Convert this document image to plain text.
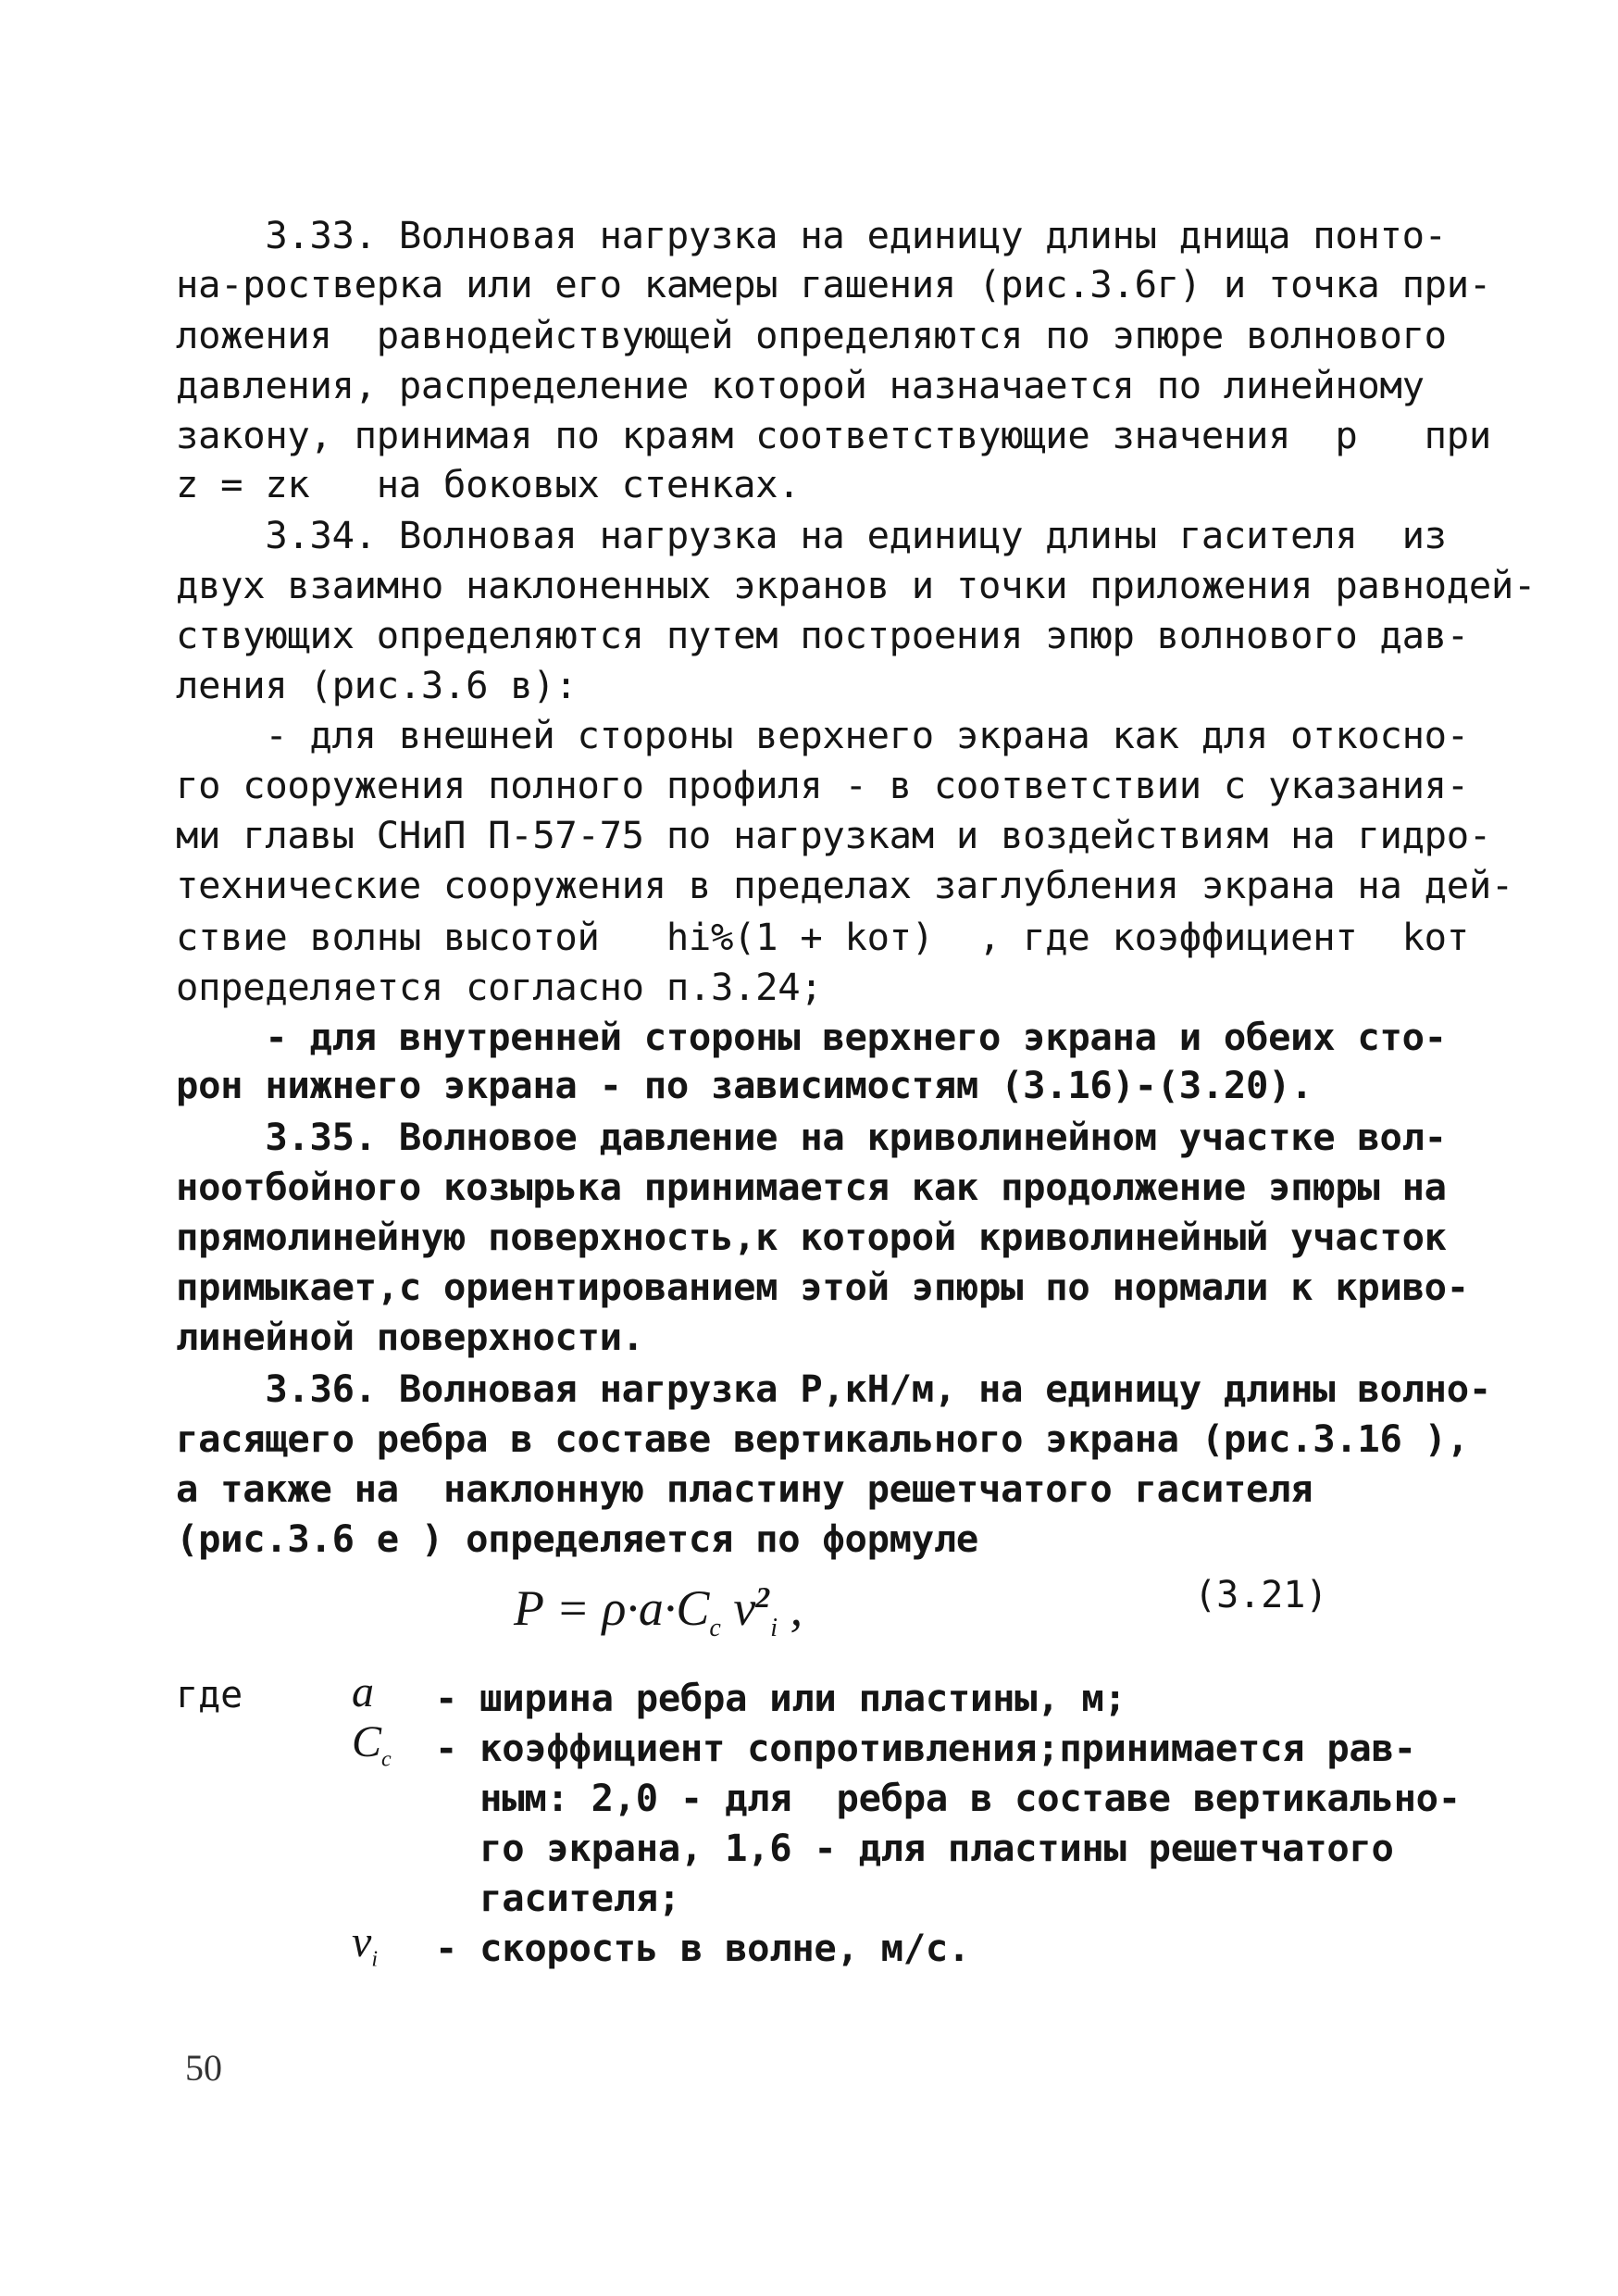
3.33. Волновая нагрузка на единицу длины днища понто-
на-ростверка или его камеры гашения (рис.3.6г) и точка при-
ложения  равнодействующей определяются по эпюре волнового
давления, распределение которой назначается по линейному
закону, принимая по краям соответствующие значения  p   при
z = zк   на боковых стенках.
3.34. Волновая нагрузка на единицу длины гасителя  из
двух взаимно наклоненных экранов и точки приложения равнодей-
ствующих определяются путем построения эпюр волнового дав-
ления (рис.3.6 в):
- для внешней стороны верхнего экрана как для откосно-
го сооружения полного профиля - в соответствии с указания-
ми главы СНиП П-57-75 по нагрузкам и воздействиям на гидро-
технические сооружения в пределах заглубления экрана на дей-
ствие волны высотой   hi%(1 + kот)  , где коэффициент  kот
определяется согласно п.3.24;
- для внутренней стороны верхнего экрана и обеих сто-
рон нижнего экрана - по зависимостям (3.16)-(3.20).
3.35. Волновое давление на криволинейном участке вол-
ноотбойного козырька принимается как продолжение эпюры на
прямолинейную поверхность,к которой криволинейный участок
примыкает,с ориентированием этой эпюры по нормали к криво-
линейной поверхности.
3.36. Волновая нагрузка P,кН/м, на единицу длины волно-
гасящего ребра в составе вертикального экрана (рис.3.16 ),
а также на  наклонную пластину решетчатого гасителя
(рис.3.6 е ) определяется по формуле
$P = \rho\cdot a\cdot C_c$ $v^2_i$ ,	(3.21)
где a - ширина ребра или пластины, м;
$C_c$ - коэффициент сопротивления;принимается рав-
ным: 2,0 - для  ребра в составе вертикально-
го экрана, 1,6 - для пластины решетчатого
гасителя;
$v_i$ - скорость в волне, м/с.
50
